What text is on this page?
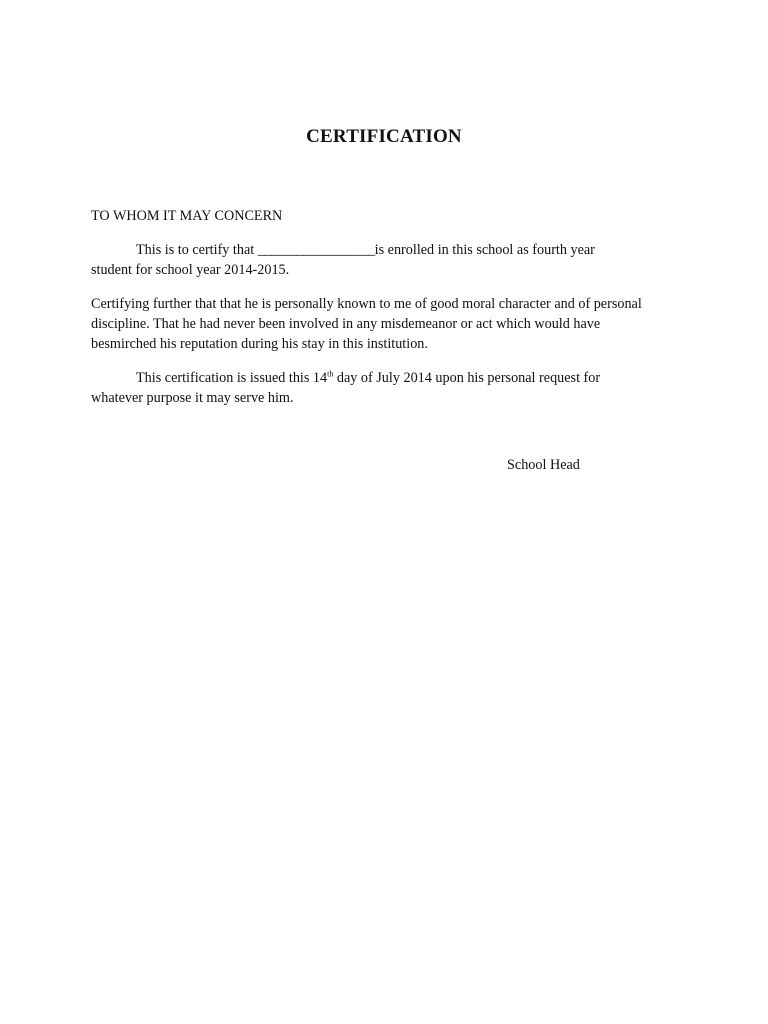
CERTIFICATION

TO WHOM IT MAY CONCERN

This is to certify that __________________is enrolled in this school as fourth year
student for school year 2014-2015.

Certifying further that that he is personally known to me of good moral character and of personal
discipline. That he had never been involved in any misdemeanor or act which would have
besmirched his reputation during his stay in this institution.

This certification is issued this 14th day of July 2014 upon his personal request for
whatever purpose it may serve him.

School Head
